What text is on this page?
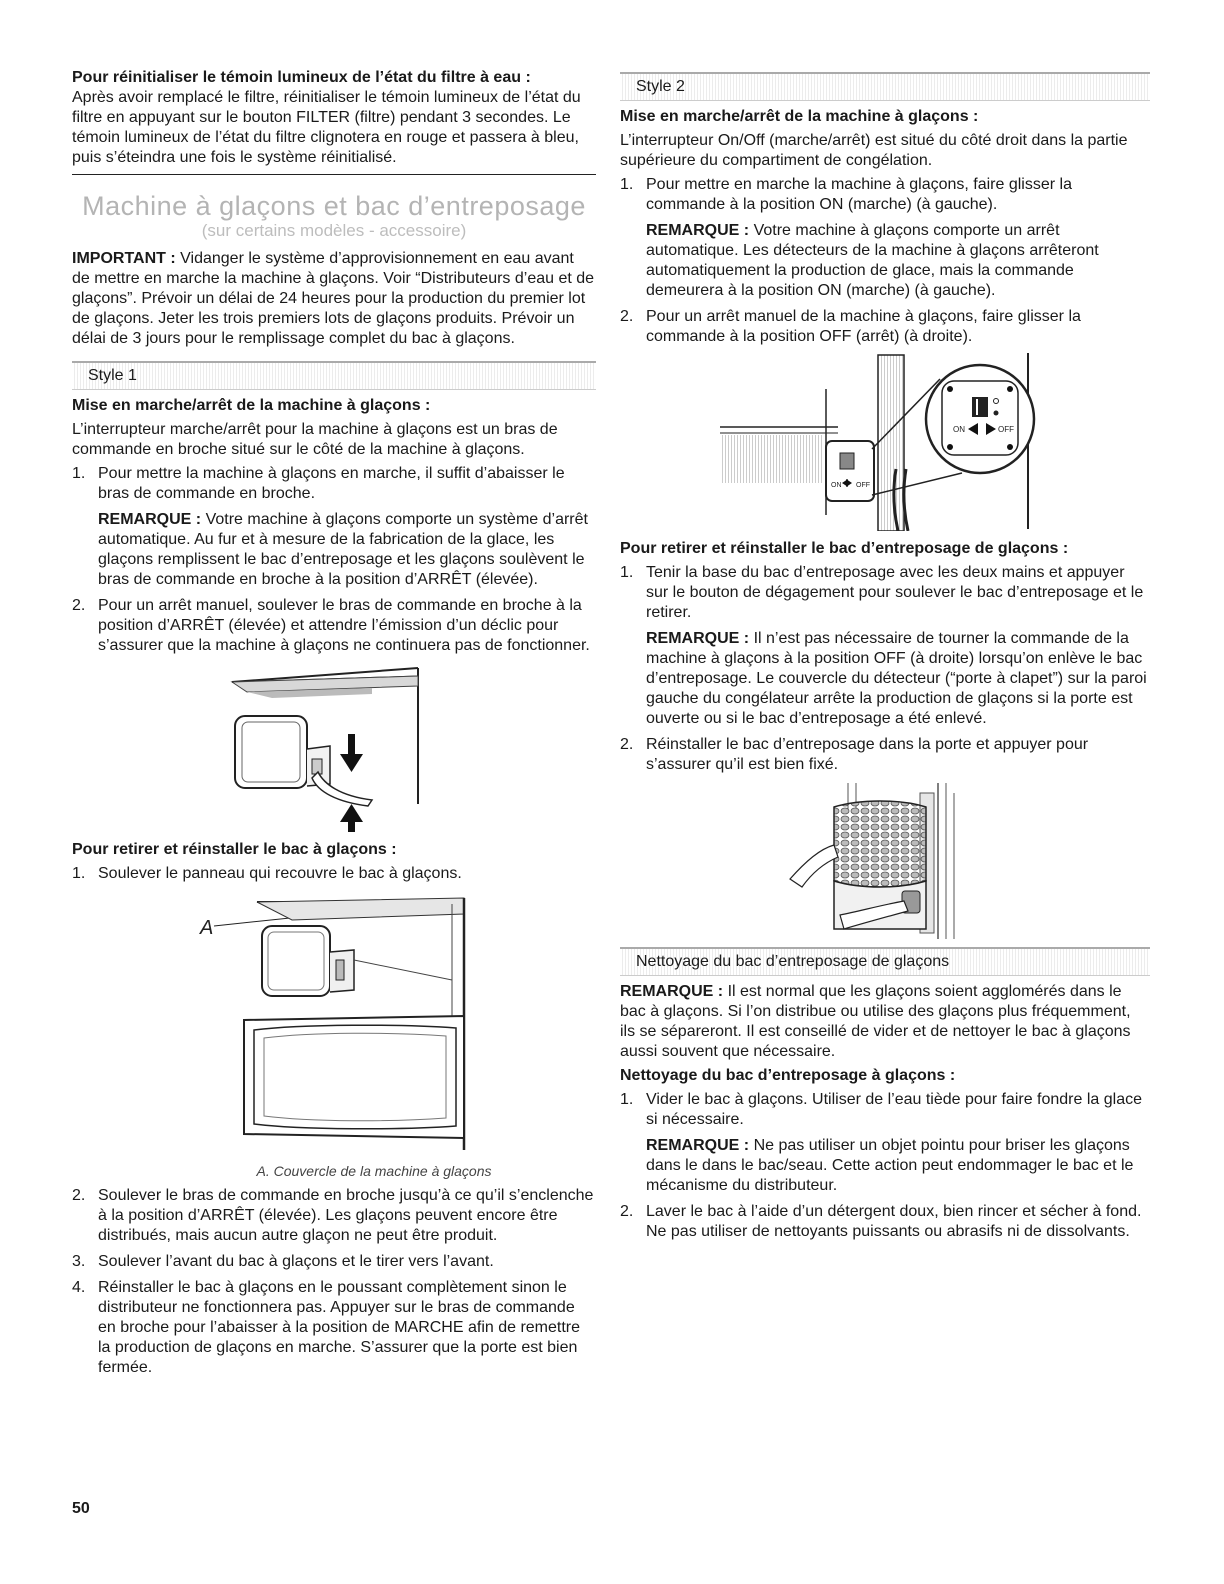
Pour réinitialiser le témoin lumineux de l’état du filtre à eau :

Après avoir remplacé le filtre, réinitialiser le témoin lumineux de l’état du filtre en appuyant sur le bouton FILTER (filtre) pendant 3 secondes. Le témoin lumineux de l’état du filtre clignotera en rouge et passera à bleu, puis s’éteindra une fois le système réinitialisé.

Machine à glaçons et bac d’entreposage

(sur certains modèles - accessoire)

IMPORTANT : Vidanger le système d’approvisionnement en eau avant de mettre en marche la machine à glaçons. Voir “Distributeurs d’eau et de glaçons”. Prévoir un délai de 24 heures pour la production du premier lot de glaçons. Jeter les trois premiers lots de glaçons produits. Prévoir un délai de 3 jours pour le remplissage complet du bac à glaçons.

Style 1

Mise en marche/arrêt de la machine à glaçons :

L’interrupteur marche/arrêt pour la machine à glaçons est un bras de commande en broche situé sur le côté de la machine à glaçons.

1. Pour mettre la machine à glaçons en marche, il suffit d’abaisser le bras de commande en broche.

REMARQUE : Votre machine à glaçons comporte un système d’arrêt automatique. Au fur et à mesure de la fabrication de la glace, les glaçons remplissent le bac d’entreposage et les glaçons soulèvent le bras de commande en broche à la position d’ARRÊT (élevée).

2. Pour un arrêt manuel, soulever le bras de commande en broche à la position d’ARRÊT (élevée) et attendre l’émission d’un déclic pour s’assurer que la machine à glaçons ne continuera pas de fonctionner.

Pour retirer et réinstaller le bac à glaçons :

1. Soulever le panneau qui recouvre le bac à glaçons.
A

A. Couvercle de la machine à glaçons

2. Soulever le bras de commande en broche jusqu’à ce qu’il s’enclenche à la position d’ARRÊT (élevée). Les glaçons peuvent encore être distribués, mais aucun autre glaçon ne peut être produit.
3. Soulever l’avant du bac à glaçons et le tirer vers l’avant.
4. Réinstaller le bac à glaçons en le poussant complètement sinon le distributeur ne fonctionnera pas. Appuyer sur le bras de commande en broche pour l’abaisser à la position de MARCHE afin de remettre la production de glaçons en marche. S’assurer que la porte est bien fermée.
Style 2

Mise en marche/arrêt de la machine à glaçons :

L’interrupteur On/Off (marche/arrêt) est situé du côté droit dans la partie supérieure du compartiment de congélation.

1. Pour mettre en marche la machine à glaçons, faire glisser la commande à la position ON (marche) (à gauche).

REMARQUE : Votre machine à glaçons comporte un arrêt automatique. Les détecteurs de la machine à glaçons arrêteront automatiquement la production de glace, mais la commande demeurera à la position ON (marche) (à gauche).

2. Pour un arrêt manuel de la machine à glaçons, faire glisser la commande à la position OFF (arrêt) (à droite).
ON OFF
ON	OFF

Pour retirer et réinstaller le bac d’entreposage de glaçons :

1. Tenir la base du bac d’entreposage avec les deux mains et appuyer sur le bouton de dégagement pour soulever le bac d’entreposage et le retirer.

REMARQUE : Il n’est pas nécessaire de tourner la commande de la machine à glaçons à la position OFF (à droite) lorsqu’on enlève le bac d’entreposage. Le couvercle du détecteur (“porte à clapet”) sur la paroi gauche du congélateur arrête la production de glaçons si la porte est ouverte ou si le bac d’entreposage a été enlevé.

2. Réinstaller le bac d’entreposage dans la porte et appuyer pour s’assurer qu’il est bien fixé.
Nettoyage du bac d’entreposage de glaçons

REMARQUE : Il est normal que les glaçons soient agglomérés dans le bac à glaçons. Si l’on distribue ou utilise des glaçons plus fréquemment, ils se sépareront. Il est conseillé de vider et de nettoyer le bac à glaçons aussi souvent que nécessaire.

Nettoyage du bac d’entreposage à glaçons :

1. Vider le bac à glaçons. Utiliser de l’eau tiède pour faire fondre la glace si nécessaire.

REMARQUE : Ne pas utiliser un objet pointu pour briser les glaçons dans le dans le bac/seau. Cette action peut endommager le bac et le mécanisme du distributeur.

2. Laver le bac à l’aide d’un détergent doux, bien rincer et sécher à fond. Ne pas utiliser de nettoyants puissants ou abrasifs ni de dissolvants.
50
